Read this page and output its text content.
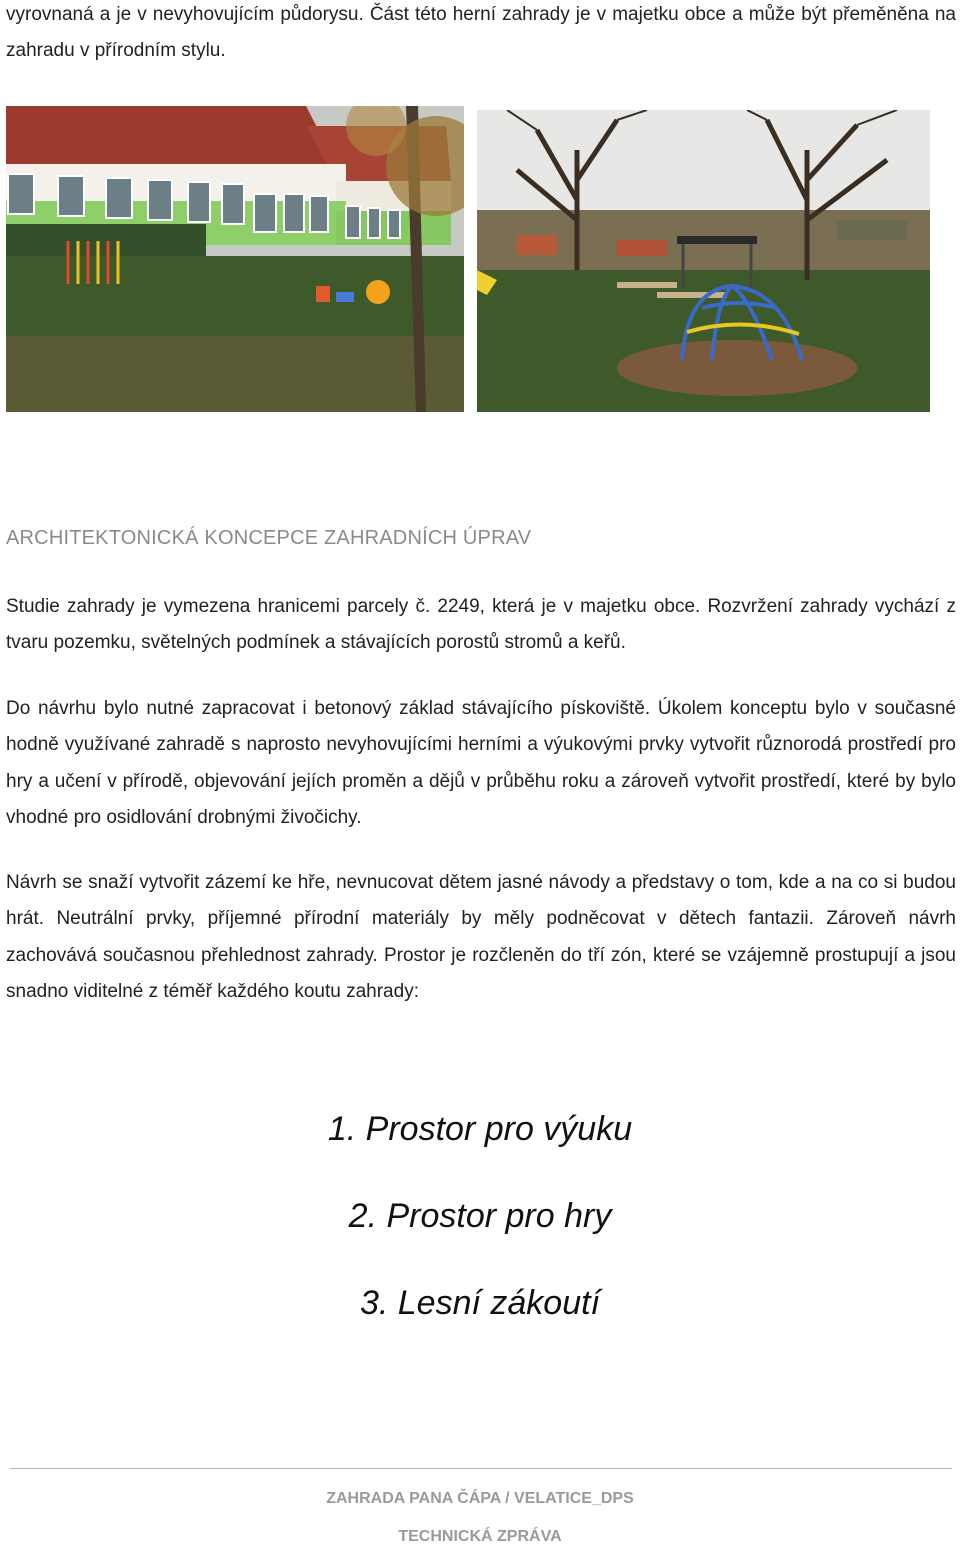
vyrovnaná a je v nevyhovujícím půdorysu. Část této herní zahrady je v majetku obce a může být přeměněna na zahradu v přírodním stylu.

ARCHITEKTONICKÁ KONCEPCE ZAHRADNÍCH ÚPRAV

Studie zahrady je vymezena hranicemi parcely č. 2249, která je v majetku obce. Rozvržení zahrady vychází z tvaru pozemku, světelných podmínek a stávajících porostů stromů a keřů.

Do návrhu bylo nutné zapracovat i betonový základ stávajícího pískoviště. Úkolem konceptu bylo v současné hodně využívané zahradě s naprosto nevyhovujícími herními a výukovými prvky vytvořit různorodá prostředí pro hry a učení v přírodě, objevování jejích proměn a dějů v průběhu roku a zároveň vytvořit prostředí, které by bylo vhodné pro osidlování drobnými živočichy.

Návrh se snaží vytvořit zázemí ke hře, nevnucovat dětem jasné návody a představy o tom, kde a na co si budou hrát. Neutrální prvky, příjemné přírodní materiály by měly podněcovat v dětech fantazii. Zároveň návrh zachovává současnou přehlednost zahrady. Prostor je rozčleněn do tří zón, které se vzájemně prostupují a jsou snadno viditelné z téměř každého koutu zahrady:

1. Prostor pro výuku

2. Prostor pro hry

3. Lesní zákoutí

ZAHRADA PANA ČÁPA / VELATICE_DPS
TECHNICKÁ ZPRÁVA
